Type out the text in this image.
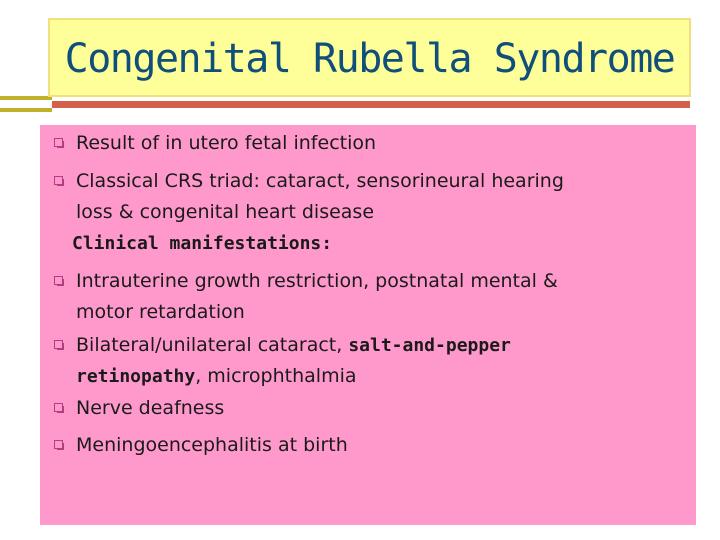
Congenital Rubella Syndrome
Result of in utero fetal infection
Classical CRS triad: cataract, sensorineural hearing
loss & congenital heart disease
Clinical manifestations:
Intrauterine growth restriction, postnatal mental &
motor retardation
Bilateral/unilateral cataract, salt-and-pepper
retinopathy, microphthalmia
Nerve deafness
Meningoencephalitis at birth
